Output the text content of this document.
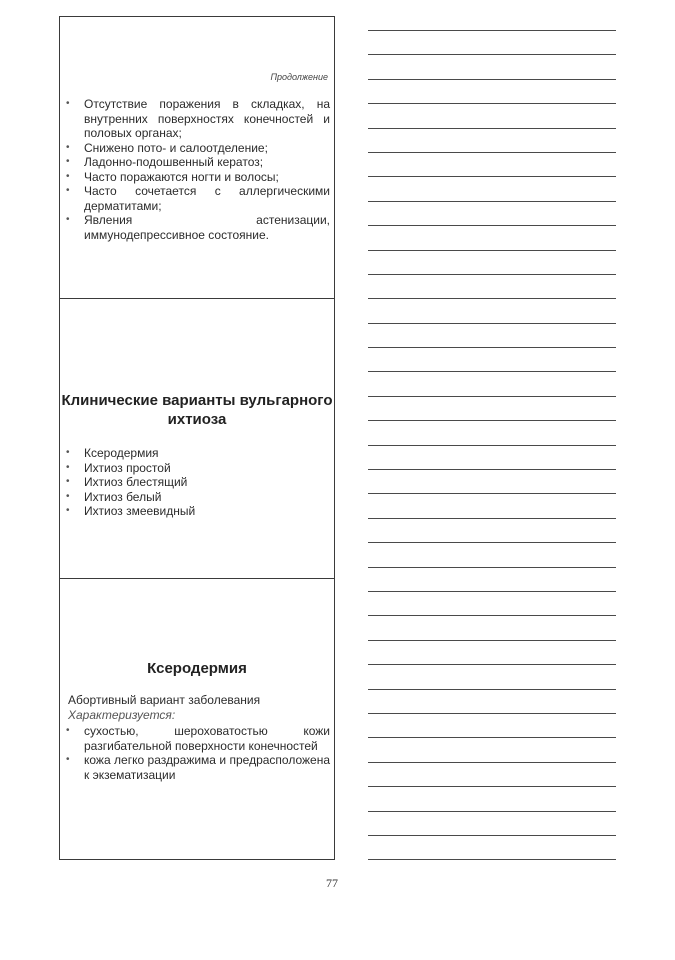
Продолжение
• Отсутствие поражения в складках, на внутренних поверхностях конечностей и половых органах;
• Снижено пото- и салоотделение;
• Ладонно-подошвенный кератоз;
• Часто поражаются ногти и волосы;
• Часто сочетается с аллергическими дерматитами;
• Явления астенизации, иммунодепрессивное состояние.
Клинические варианты вульгарного ихтиоза
• Ксеродермия
• Ихтиоз простой
• Ихтиоз блестящий
• Ихтиоз белый
• Ихтиоз змеевидный
Ксеродермия
Абортивный вариант заболевания
Характеризуется:
• сухостью, шероховатостью кожи разгибательной поверхности конечностей
• кожа легко раздражима и предрасположена к экзематизации
77
